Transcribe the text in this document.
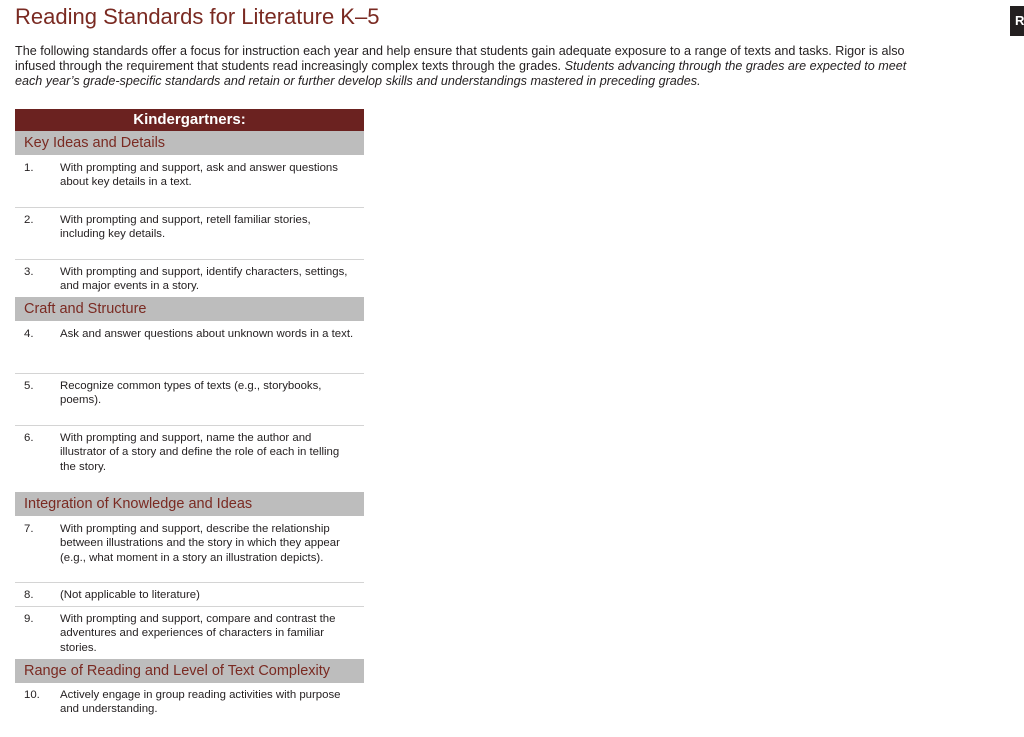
Reading Standards for Literature K–5	R
The following standards offer a focus for instruction each year and help ensure that students gain adequate exposure to a range of texts and tasks. Rigor is also
infused through the requirement that students read increasingly complex texts through the grades. Students advancing through the grades are expected to meet
each year’s grade-specific standards and retain or further develop skills and understandings mastered in preceding grades.
Kindergartners:
Key Ideas and Details
1. With prompting and support, ask and answer questions about key details in a text.
2. With prompting and support, retell familiar stories, including key details.
3. With prompting and support, identify characters, settings, and major events in a story.
Craft and Structure
4. Ask and answer questions about unknown words in a text.
5. Recognize common types of texts (e.g., storybooks, poems).
6. With prompting and support, name the author and illustrator of a story and define the role of each in telling the story.
Integration of Knowledge and Ideas
7. With prompting and support, describe the relationship between illustrations and the story in which they appear (e.g., what moment in a story an illustration depicts).
8. (Not applicable to literature)
9. With prompting and support, compare and contrast the adventures and experiences of characters in familiar stories.
Range of Reading and Level of Text Complexity
10. Actively engage in group reading activities with purpose and understanding.
